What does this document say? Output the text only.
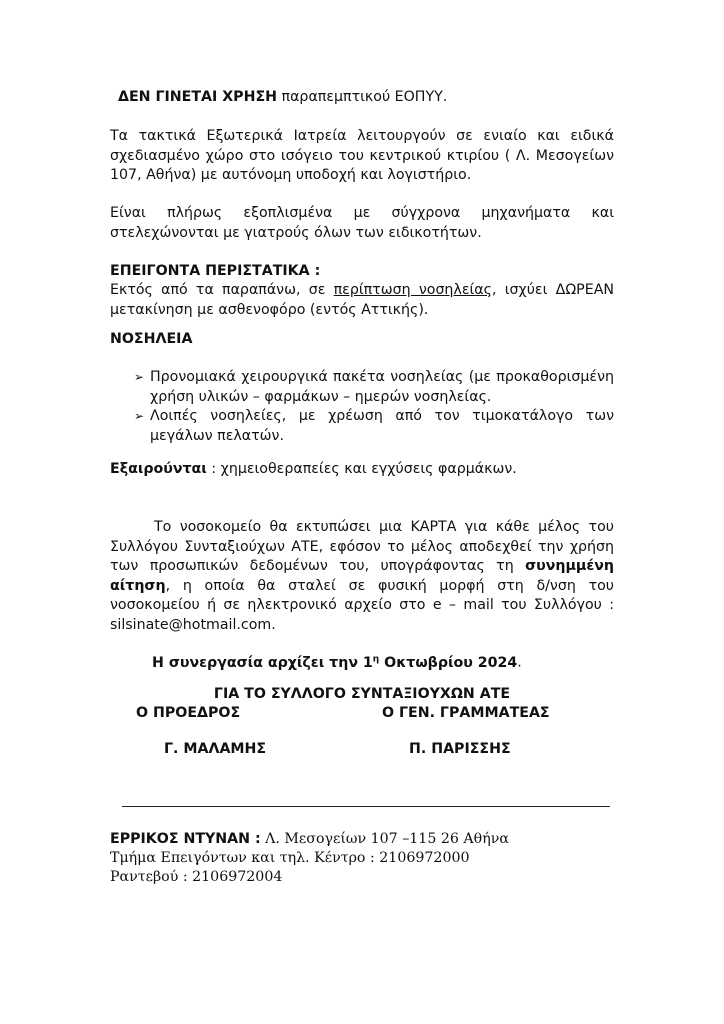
ΔΕΝ ΓΙΝΕΤΑΙ ΧΡΗΣΗ παραπεμπτικού ΕΟΠΥΥ.

Τα τακτικά Εξωτερικά Ιατρεία λειτουργούν σε ενιαίο και ειδικά σχεδιασμένο χώρο στο ισόγειο του κεντρικού κτιρίου ( Λ. Μεσογείων 107, Αθήνα) με αυτόνομη υποδοχή και λογιστήριο.

Είναι πλήρως εξοπλισμένα με σύγχρονα μηχανήματα και στελεχώνονται με γιατρούς όλων των ειδικοτήτων.

ΕΠΕΙΓΟΝΤΑ ΠΕΡΙΣΤΑΤΙΚΑ :

Εκτός από τα παραπάνω, σε περίπτωση νοσηλείας, ισχύει ΔΩΡΕΑΝ μετακίνηση με ασθενοφόρο (εντός Αττικής).

ΝΟΣΗΛΕΙΑ

➢ Προνομιακά χειρουργικά πακέτα νοσηλείας (με προκαθορισμένη χρήση υλικών – φαρμάκων – ημερών νοσηλείας.
➢ Λοιπές νοσηλείες, με χρέωση από τον τιμοκατάλογο των μεγάλων πελατών.

Εξαιρούνται : χημειοθεραπείες και εγχύσεις φαρμάκων.

Το νοσοκομείο θα εκτυπώσει μια ΚΑΡΤΑ για κάθε μέλος του Συλλόγου Συνταξιούχων ΑΤΕ, εφόσον το μέλος αποδεχθεί την χρήση των προσωπικών δεδομένων του, υπογράφοντας τη συνημμένη αίτηση, η οποία θα σταλεί σε φυσική μορφή στη δ/νση του νοσοκομείου ή σε ηλεκτρονικό αρχείο στο e – mail του Συλλόγου : silsinate@hotmail.com.

Η συνεργασία αρχίζει την $1^\eta$ Οκτωβρίου 2024.

ΓΙΑ ΤΟ ΣΥΛΛΟΓΟ ΣΥΝΤΑΞΙΟΥΧΩΝ ΑΤΕ

Ο ΠΡΟΕΔΡΟΣ	Ο ΓΕΝ. ΓΡΑΜΜΑΤΕΑΣ

Γ. ΜΑΛΑΜΗΣ	Π. ΠΑΡΙΣΣΗΣ

ΕΡΡΙΚΟΣ ΝΤΥΝΑΝ : Λ. Μεσογείων 107 –115 26 Αθήνα

Τμήμα Επειγόντων και τηλ. Κέντρο : 2106972000

Ραντεβού : 2106972004
